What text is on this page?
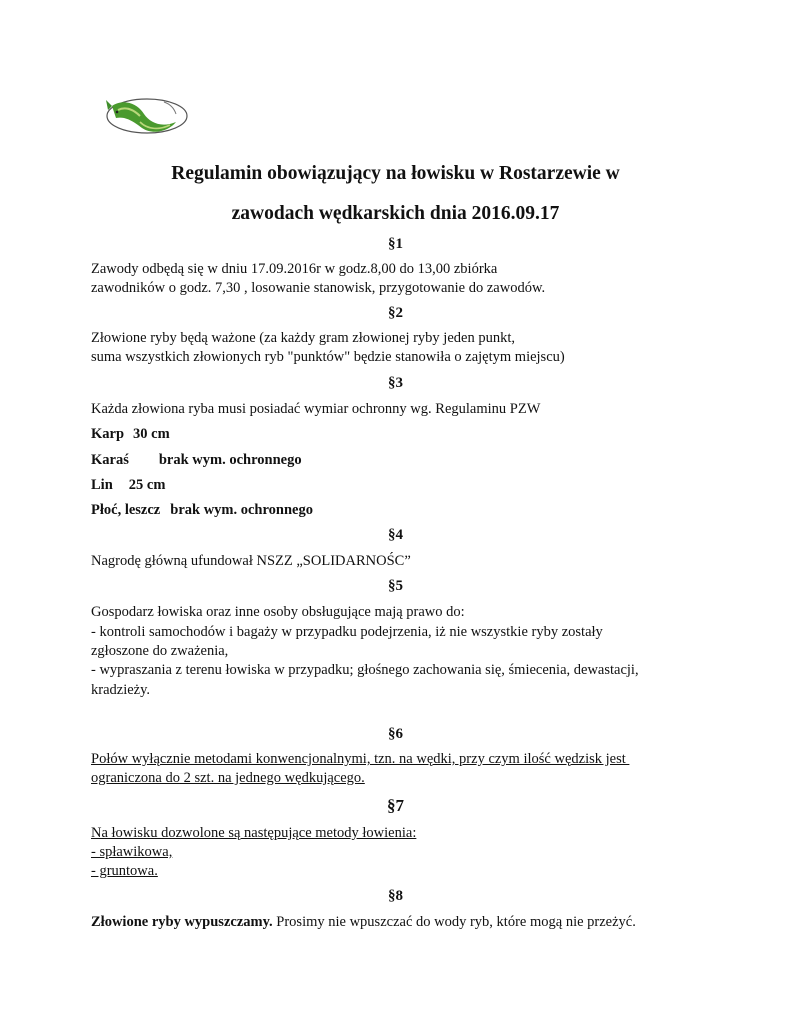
Regulamin obowiązujący na łowisku w Rostarzewie w
zawodach wędkarskich dnia 2016.09.17
§1
Zawody odbędą się w dniu 17.09.2016r w godz.8,00 do 13,00 zbiórka
zawodników o godz. 7,30 , losowanie stanowisk, przygotowanie do zawodów.
§2
Złowione ryby będą ważone (za każdy gram złowionej ryby jeden punkt,
suma wszystkich złowionych ryb "punktów" będzie stanowiła o zajętym miejscu)
§3
Każda złowiona ryba musi posiadać wymiar ochronny wg. Regulaminu PZW
Karp 30 cm
Karaś brak wym. ochronnego
Lin 25 cm
Płoć, leszcz brak wym. ochronnego
§4
Nagrodę główną ufundował NSZZ „SOLIDARNOŚC”
§5
Gospodarz łowiska oraz inne osoby obsługujące mają prawo do:
- kontroli samochodów i bagaży w przypadku podejrzenia, iż nie wszystkie ryby zostały
zgłoszone do zważenia,
- wypraszania z terenu łowiska w przypadku; głośnego zachowania się, śmiecenia, dewastacji,
kradzieży.
§6
Połów wyłącznie metodami konwencjonalnymi, tzn. na wędki, przy czym ilość wędzisk jest
ograniczona do 2 szt. na jednego wędkującego.
§7
Na łowisku dozwolone są następujące metody łowienia:
- spławikowa,
- gruntowa.
§8
Złowione ryby wypuszczamy. Prosimy nie wpuszczać do wody ryb, które mogą nie przeżyć.
